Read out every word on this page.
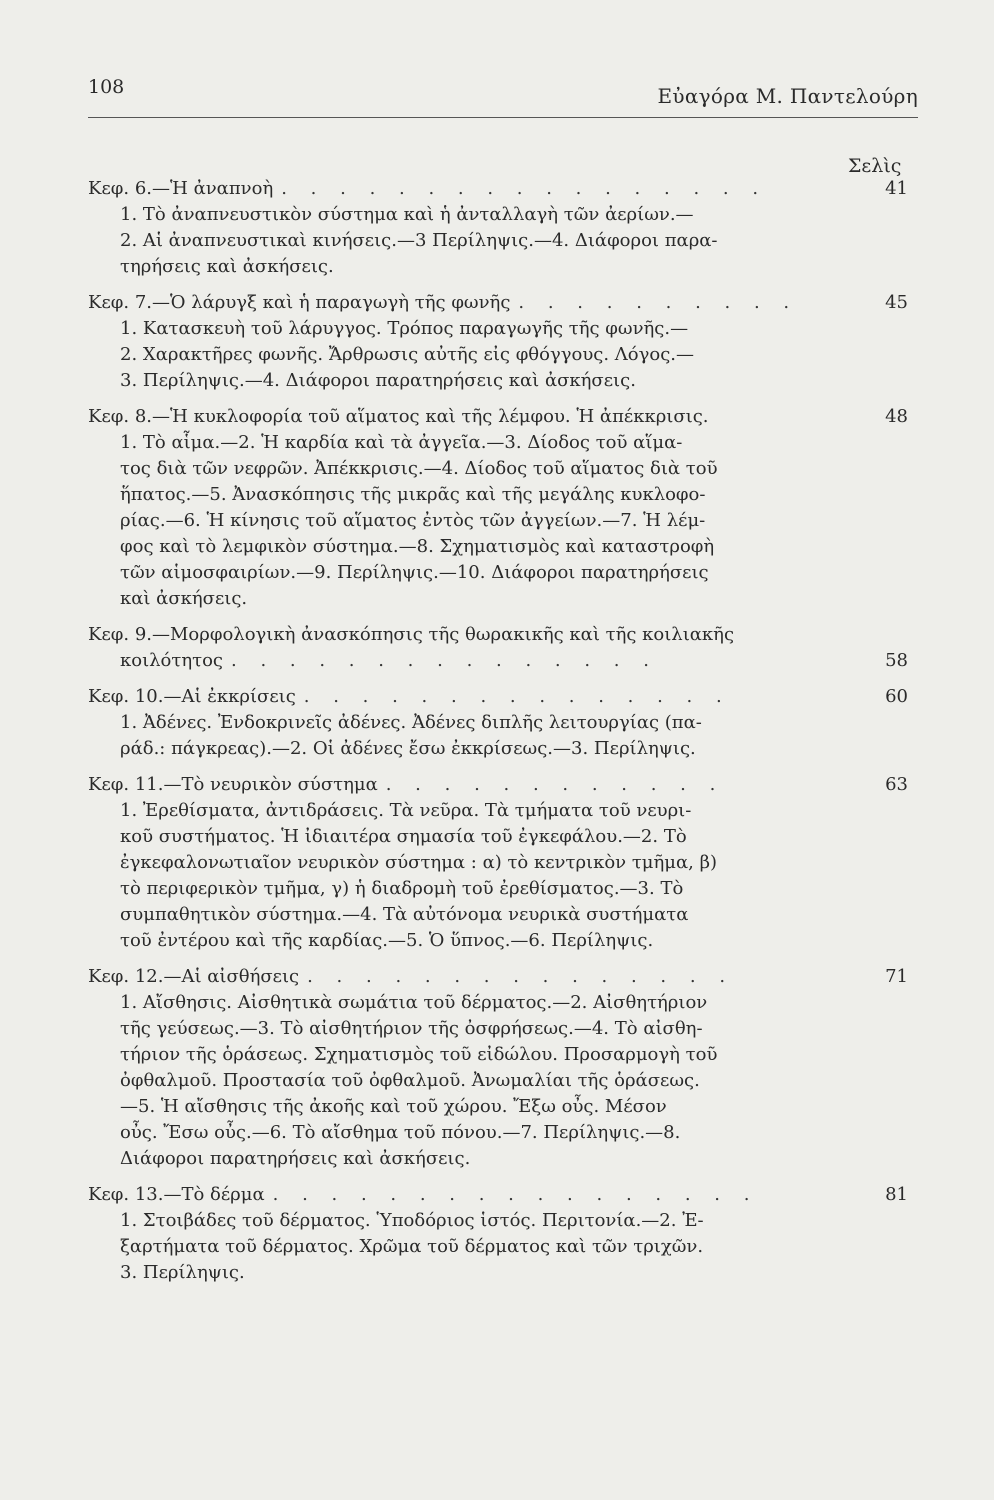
108	Εὐαγόρα Μ. Παντελούρη
Σελὶς
Κεφ. 6.— Ἡ ἀναπνοὴ . . . . . . . . . . . . . . . . .	41
1. Τὸ ἀναπνευστικὸν σύστημα καὶ ἡ ἀνταλλαγὴ τῶν ἀερίων.—
2. Αἱ ἀναπνευστικαὶ κινήσεις.—3 Περίληψις.—4. Διάφοροι παρα-
τηρήσεις καὶ ἀσκήσεις.
Κεφ. 7.— Ὁ λάρυγξ καὶ ἡ παραγωγὴ τῆς φωνῆς . . . . . . . . . .	45
1. Κατασκευὴ τοῦ λάρυγγος. Τρόπος παραγωγῆς τῆς φωνῆς.—
2. Χαρακτῆρες φωνῆς. Ἄρθρωσις αὐτῆς εἰς φθόγγους. Λόγος.—
3. Περίληψις.—4. Διάφοροι παρατηρήσεις καὶ ἀσκήσεις.
Κεφ. 8.— Ἡ κυκλοφορία τοῦ αἵματος καὶ τῆς λέμφου. Ἡ ἀπέκκρισις.	48
1. Τὸ αἷμα.—2. Ἡ καρδία καὶ τὰ ἀγγεῖα.—3. Δίοδος τοῦ αἵμα-
τος διὰ τῶν νεφρῶν. Ἀπέκκρισις.—4. Δίοδος τοῦ αἵματος διὰ τοῦ
ἥπατος.—5. Ἀνασκόπησις τῆς μικρᾶς καὶ τῆς μεγάλης κυκλοφο-
ρίας.—6. Ἡ κίνησις τοῦ αἵματος ἐντὸς τῶν ἀγγείων.—7. Ἡ λέμ-
φος καὶ τὸ λεμφικὸν σύστημα.—8. Σχηματισμὸς καὶ καταστροφὴ
τῶν αἱμοσφαιρίων.—9. Περίληψις.—10. Διάφοροι παρατηρήσεις
καὶ ἀσκήσεις.
Κεφ. 9.— Μορφολογικὴ ἀνασκόπησις τῆς θωρακικῆς καὶ τῆς κοιλιακῆς
κοιλότητος . . . . . . . . . . . . . . .	58
Κεφ. 10.— Αἱ ἐκκρίσεις . . . . . . . . . . . . . . .	60
1. Ἀδένες. Ἐνδοκρινεῖς ἀδένες. Ἀδένες διπλῆς λειτουργίας (πα-
ράδ.: πάγκρεας).—2. Οἱ ἀδένες ἔσω ἐκκρίσεως.—3. Περίληψις.
Κεφ. 11.— Τὸ νευρικὸν σύστημα . . . . . . . . . . . .	63
1. Ἐρεθίσματα, ἀντιδράσεις. Τὰ νεῦρα. Τὰ τμήματα τοῦ νευρι-
κοῦ συστήματος. Ἡ ἰδιαιτέρα σημασία τοῦ ἐγκεφάλου.—2. Τὸ
ἐγκεφαλονωτιαῖον νευρικὸν σύστημα : α) τὸ κεντρικὸν τμῆμα, β)
τὸ περιφερικὸν τμῆμα, γ) ἡ διαδρομὴ τοῦ ἐρεθίσματος.—3. Τὸ
συμπαθητικὸν σύστημα.—4. Τὰ αὐτόνομα νευρικὰ συστήματα
τοῦ ἐντέρου καὶ τῆς καρδίας.—5. Ὁ ὕπνος.—6. Περίληψις.
Κεφ. 12.— Αἱ αἰσθήσεις . . . . . . . . . . . . . . .	71
1. Αἴσθησις. Αἰσθητικὰ σωμάτια τοῦ δέρματος.—2. Αἰσθητήριον
τῆς γεύσεως.—3. Τὸ αἰσθητήριον τῆς ὀσφρήσεως.—4. Τὸ αἰσθη-
τήριον τῆς ὁράσεως. Σχηματισμὸς τοῦ εἰδώλου. Προσαρμογὴ τοῦ
ὀφθαλμοῦ. Προστασία τοῦ ὀφθαλμοῦ. Ἀνωμαλίαι τῆς ὁράσεως.
—5. Ἡ αἴσθησις τῆς ἀκοῆς καὶ τοῦ χώρου. Ἔξω οὖς. Μέσον
οὖς. Ἔσω οὖς.—6. Τὸ αἴσθημα τοῦ πόνου.—7. Περίληψις.—8.
Διάφοροι παρατηρήσεις καὶ ἀσκήσεις.
Κεφ. 13.— Τὸ δέρμα . . . . . . . . . . . . . . . . .	81
1. Στοιβάδες τοῦ δέρματος. Ὑποδόριος ἱστός. Περιτονία.—2. Ἐ-
ξαρτήματα τοῦ δέρματος. Χρῶμα τοῦ δέρματος καὶ τῶν τριχῶν.
3. Περίληψις.
